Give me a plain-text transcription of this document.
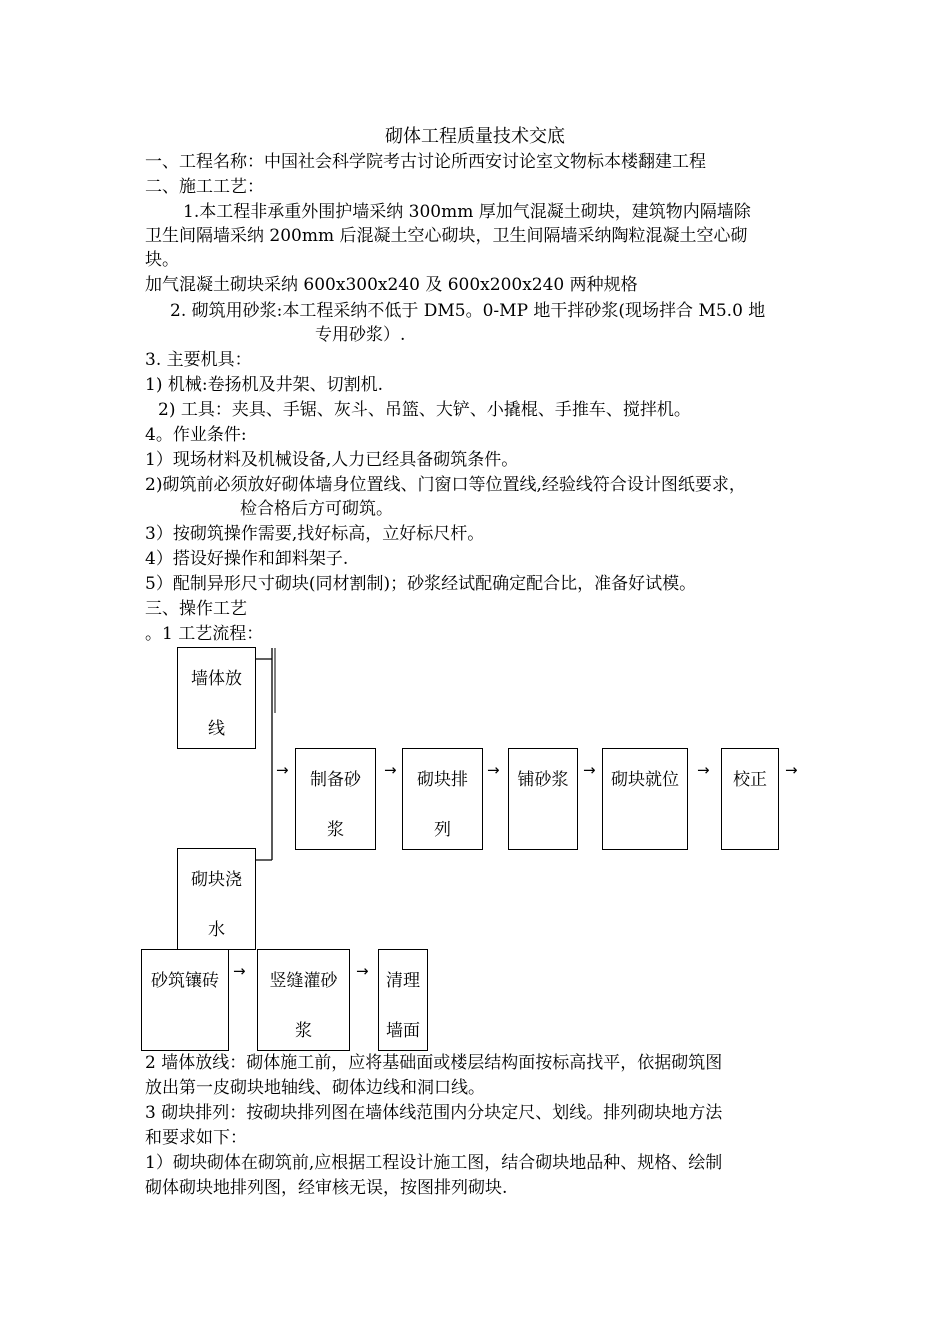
砌体工程质量技术交底
一、工程名称：中国社会科学院考古讨论所西安讨论室文物标本楼翻建工程
二、施工工艺：
1.本工程非承重外围护墙采纳 300mm 厚加气混凝土砌块，建筑物内隔墙除
卫生间隔墙采纳 200mm 后混凝土空心砌块，卫生间隔墙采纳陶粒混凝土空心砌
块。
加气混凝土砌块采纳 600x300x240 及 600x200x240 两种规格
2. 砌筑用砂浆:本工程采纳不低于 DM5。0-MP 地干拌砂浆(现场拌合 M5.0 地
专用砂浆）.
3. 主要机具：
1) 机械:卷扬机及井架、切割机.
2) 工具：夹具、手锯、灰斗、吊篮、大铲、小撬棍、手推车、搅拌机。
4。作业条件:
1）现场材料及机械设备,人力已经具备砌筑条件。
2)砌筑前必须放好砌体墙身位置线、门窗口等位置线,经验线符合设计图纸要求，
检合格后方可砌筑。
3）按砌筑操作需要,找好标高，立好标尺杆。
4）搭设好操作和卸料架子.
5）配制异形尺寸砌块(同材割制)；砂浆经试配确定配合比，准备好试模。
三、操作工艺
。1 工艺流程：
墙体放
线
砌块浇
水
→	制备砂
浆
→	砌块排
列
→	铺砂浆 → 砌块就位	→	校正	→
砂筑镶砖 →	竖缝灌砂
浆
→	清理
墙面
2 墙体放线：砌体施工前，应将基础面或楼层结构面按标高找平，依据砌筑图
放出第一皮砌块地轴线、砌体边线和洞口线。
3 砌块排列：按砌块排列图在墙体线范围内分块定尺、划线。排列砌块地方法
和要求如下：
1）砌块砌体在砌筑前,应根据工程设计施工图，结合砌块地品种、规格、绘制
砌体砌块地排列图，经审核无误，按图排列砌块.
